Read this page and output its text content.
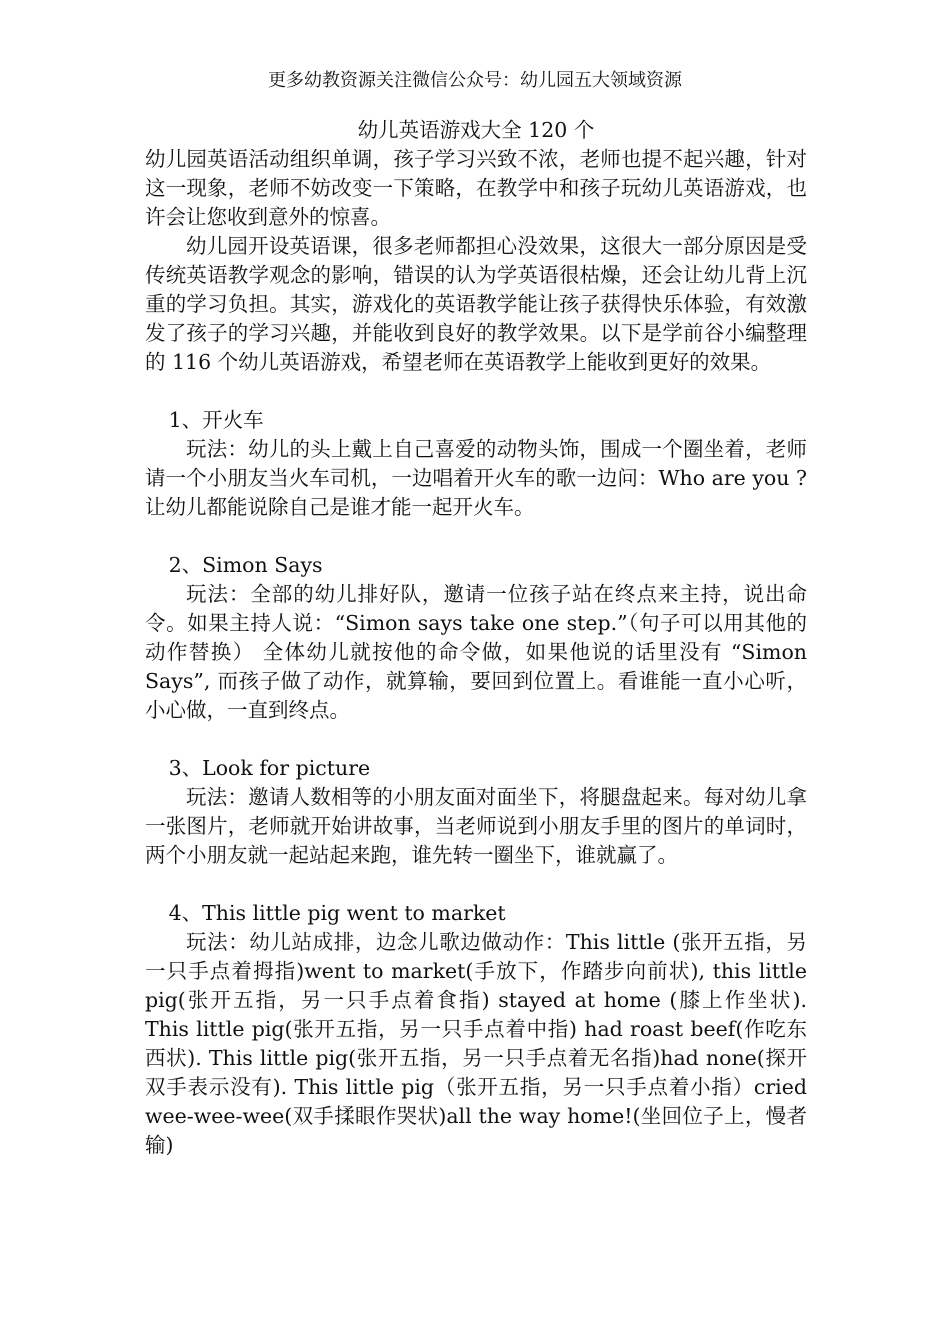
更多幼教资源关注微信公众号：幼儿园五大领域资源
幼儿英语游戏大全 120 个

幼儿园英语活动组织单调，孩子学习兴致不浓，老师也提不起兴趣，针对这一现象，老师不妨改变一下策略，在教学中和孩子玩幼儿英语游戏，也许会让您收到意外的惊喜。

幼儿园开设英语课，很多老师都担心没效果，这很大一部分原因是受传统英语教学观念的影响，错误的认为学英语很枯燥，还会让幼儿背上沉重的学习负担。其实，游戏化的英语教学能让孩子获得快乐体验，有效激发了孩子的学习兴趣，并能收到良好的教学效果。以下是学前谷小编整理的 116 个幼儿英语游戏，希望老师在英语教学上能收到更好的效果。

1、开火车

玩法：幼儿的头上戴上自己喜爱的动物头饰，围成一个圈坐着，老师请一个小朋友当火车司机，一边唱着开火车的歌一边问：Who are you ?让幼儿都能说除自己是谁才能一起开火车。

2、Simon Says

玩法：全部的幼儿排好队，邀请一位孩子站在终点来主持，说出命令。如果主持人说：“Simon says take one step.”（句子可以用其他的动作替换） 全体幼儿就按他的命令做，如果他说的话里没有 “Simon Says”, 而孩子做了动作，就算输，要回到位置上。看谁能一直小心听，小心做，一直到终点。

3、Look for picture

玩法：邀请人数相等的小朋友面对面坐下，将腿盘起来。每对幼儿拿一张图片，老师就开始讲故事，当老师说到小朋友手里的图片的单词时，两个小朋友就一起站起来跑，谁先转一圈坐下，谁就赢了。

4、This little pig went to market

玩法：幼儿站成排，边念儿歌边做动作：This little (张开五指，另一只手点着拇指)went to market(手放下，作踏步向前状), this little pig(张开五指，另一只手点着食指) stayed at home (膝上作坐状). This little pig(张开五指，另一只手点着中指) had roast beef(作吃东西状). This little pig(张开五指，另一只手点着无名指)had none(探开双手表示没有). This little pig（张开五指，另一只手点着小指）cried wee-wee-wee(双手揉眼作哭状)all the way home!(坐回位子上，慢者输)
